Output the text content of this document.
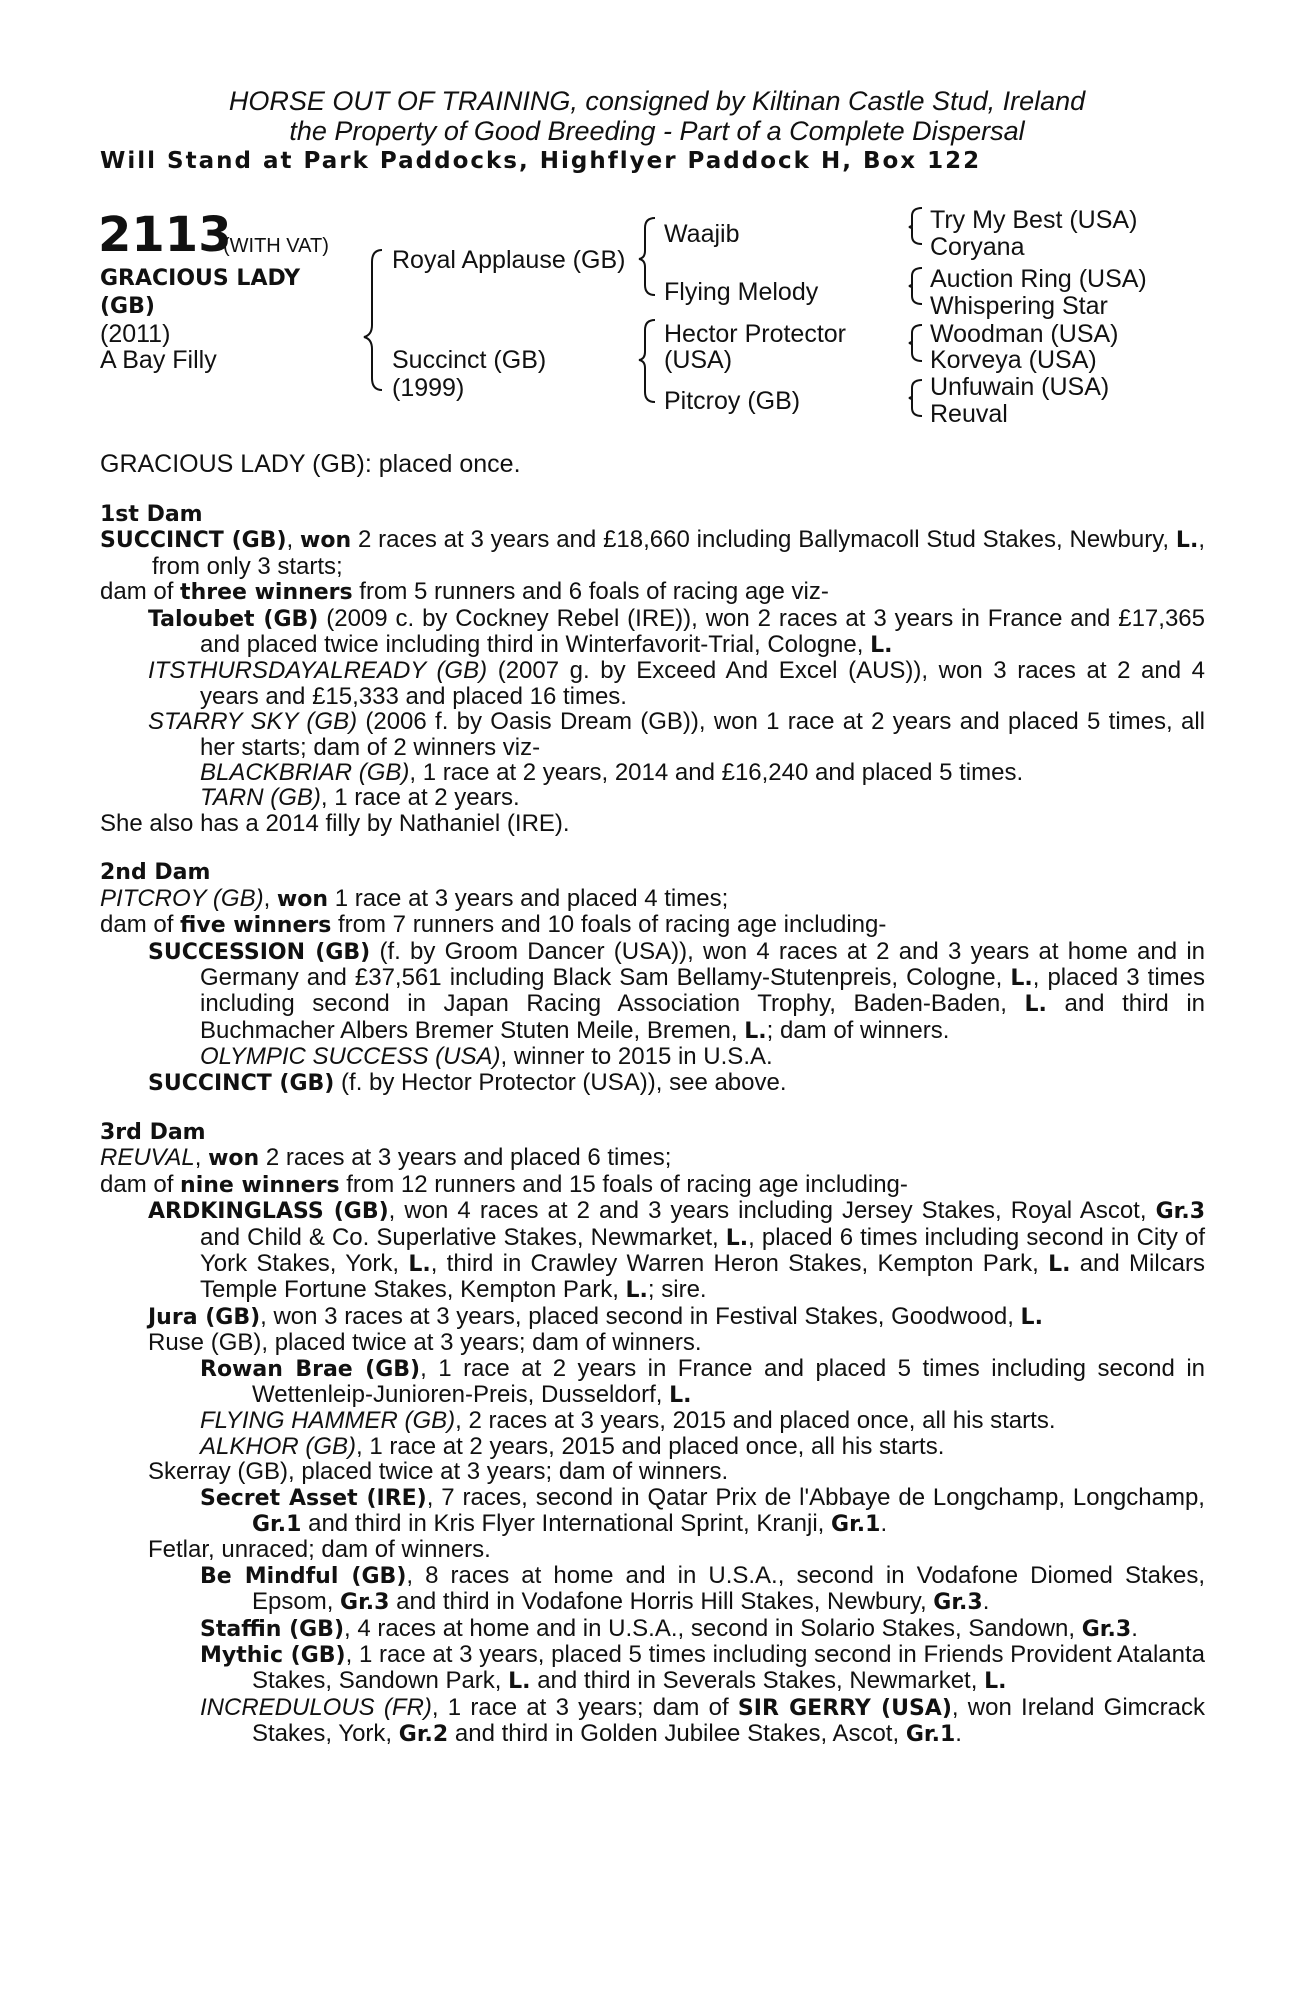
HORSE OUT OF TRAINING, consigned by Kiltinan Castle Stud, Ireland
the Property of Good Breeding - Part of a Complete Dispersal
Will Stand at Park Paddocks, Highflyer Paddock H, Box 122
2113
(WITH VAT)
GRACIOUS LADY
(GB)
(2011)
A Bay Filly
Royal Applause (GB)
Succinct (GB)
(1999)
Waajib
Flying Melody
Hector Protector
(USA)
Pitcroy (GB)
Try My Best (USA)
Coryana
Auction Ring (USA)
Whispering Star
Woodman (USA)
Korveya (USA)
Unfuwain (USA)
Reuval
GRACIOUS LADY (GB): placed once.

1st Dam

SUCCINCT (GB), won 2 races at 3 years and £18,660 including Ballymacoll Stud Stakes, Newbury, L., from only 3 starts;

dam of three winners from 5 runners and 6 foals of racing age viz-

Taloubet (GB) (2009 c. by Cockney Rebel (IRE)), won 2 races at 3 years in France and £17,365 and placed twice including third in Winterfavorit-Trial, Cologne, L.

ITSTHURSDAYALREADY (GB) (2007 g. by Exceed And Excel (AUS)), won 3 races at 2 and 4 years and £15,333 and placed 16 times.

STARRY SKY (GB) (2006 f. by Oasis Dream (GB)), won 1 race at 2 years and placed 5 times, all her starts; dam of 2 winners viz-

BLACKBRIAR (GB), 1 race at 2 years, 2014 and £16,240 and placed 5 times.

TARN (GB), 1 race at 2 years.

She also has a 2014 filly by Nathaniel (IRE).

2nd Dam

PITCROY (GB), won 1 race at 3 years and placed 4 times;

dam of five winners from 7 runners and 10 foals of racing age including-

SUCCESSION (GB) (f. by Groom Dancer (USA)), won 4 races at 2 and 3 years at home and in Germany and £37,561 including Black Sam Bellamy-Stutenpreis, Cologne, L., placed 3 times including second in Japan Racing Association Trophy, Baden-Baden, L. and third in Buchmacher Albers Bremer Stuten Meile, Bremen, L.; dam of winners.

OLYMPIC SUCCESS (USA), winner to 2015 in U.S.A.

SUCCINCT (GB) (f. by Hector Protector (USA)), see above.

3rd Dam

REUVAL, won 2 races at 3 years and placed 6 times;

dam of nine winners from 12 runners and 15 foals of racing age including-

ARDKINGLASS (GB), won 4 races at 2 and 3 years including Jersey Stakes, Royal Ascot, Gr.3 and Child & Co. Superlative Stakes, Newmarket, L., placed 6 times including second in City of York Stakes, York, L., third in Crawley Warren Heron Stakes, Kempton Park, L. and Milcars Temple Fortune Stakes, Kempton Park, L.; sire.

Jura (GB), won 3 races at 3 years, placed second in Festival Stakes, Goodwood, L.

Ruse (GB), placed twice at 3 years; dam of winners.

Rowan Brae (GB), 1 race at 2 years in France and placed 5 times including second in Wettenleip-Junioren-Preis, Dusseldorf, L.

FLYING HAMMER (GB), 2 races at 3 years, 2015 and placed once, all his starts.

ALKHOR (GB), 1 race at 2 years, 2015 and placed once, all his starts.

Skerray (GB), placed twice at 3 years; dam of winners.

Secret Asset (IRE), 7 races, second in Qatar Prix de l'Abbaye de Longchamp, Longchamp, Gr.1 and third in Kris Flyer International Sprint, Kranji, Gr.1.

Fetlar, unraced; dam of winners.

Be Mindful (GB), 8 races at home and in U.S.A., second in Vodafone Diomed Stakes, Epsom, Gr.3 and third in Vodafone Horris Hill Stakes, Newbury, Gr.3.

Staffin (GB), 4 races at home and in U.S.A., second in Solario Stakes, Sandown, Gr.3.

Mythic (GB), 1 race at 3 years, placed 5 times including second in Friends Provident Atalanta Stakes, Sandown Park, L. and third in Severals Stakes, Newmarket, L.

INCREDULOUS (FR), 1 race at 3 years; dam of SIR GERRY (USA), won Ireland Gimcrack Stakes, York, Gr.2 and third in Golden Jubilee Stakes, Ascot, Gr.1.
